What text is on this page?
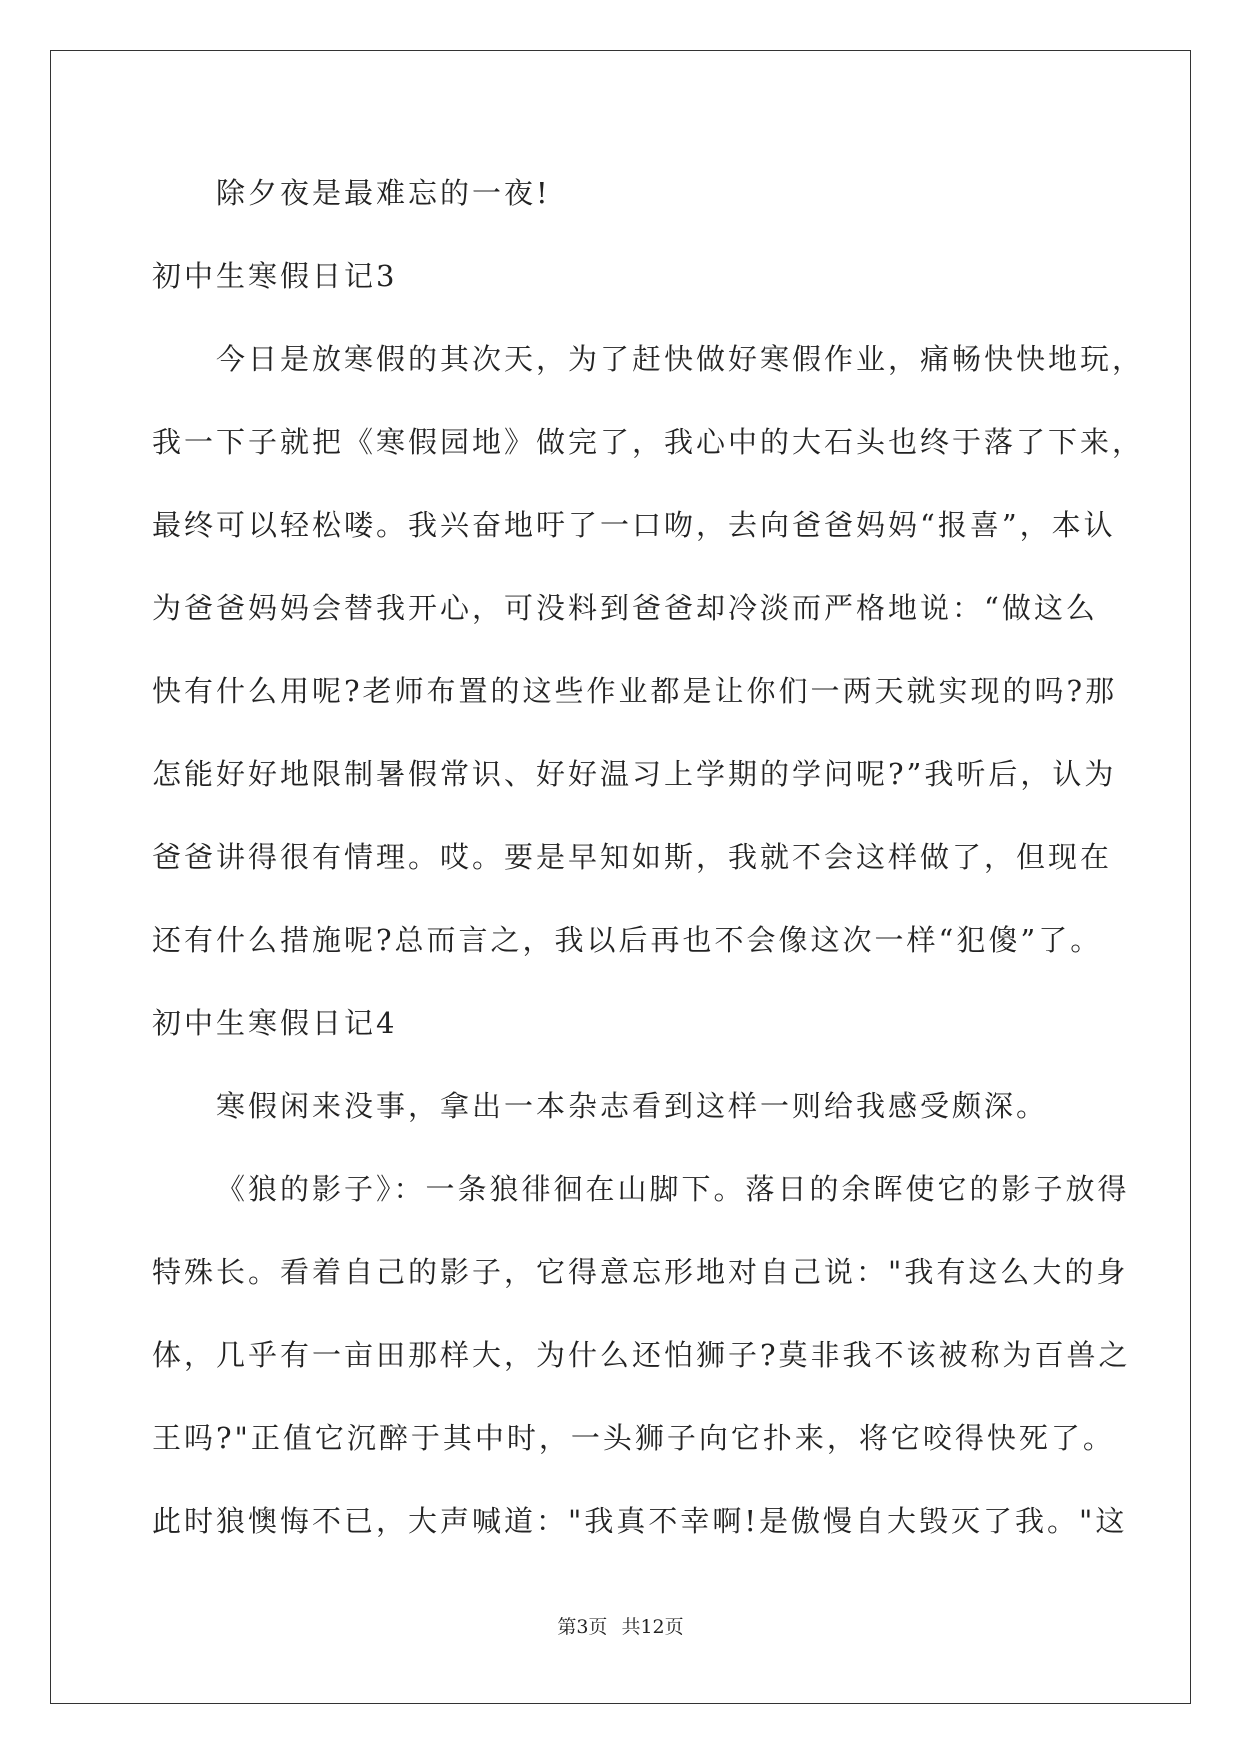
除夕夜是最难忘的一夜!
初中生寒假日记3
今日是放寒假的其次天，为了赶快做好寒假作业，痛畅快快地玩，
我一下子就把《寒假园地》做完了，我心中的大石头也终于落了下来，
最终可以轻松喽。我兴奋地吁了一口吻，去向爸爸妈妈“报喜”，本认
为爸爸妈妈会替我开心，可没料到爸爸却冷淡而严格地说：“做这么
快有什么用呢?老师布置的这些作业都是让你们一两天就实现的吗?那
怎能好好地限制暑假常识、好好温习上学期的学问呢?”我听后，认为
爸爸讲得很有情理。哎。要是早知如斯，我就不会这样做了，但现在
还有什么措施呢?总而言之，我以后再也不会像这次一样“犯傻”了。
初中生寒假日记4
寒假闲来没事，拿出一本杂志看到这样一则给我感受颇深。
《狼的影子》：一条狼徘徊在山脚下。落日的余晖使它的影子放得
特殊长。看着自己的影子，它得意忘形地对自己说："我有这么大的身
体，几乎有一亩田那样大，为什么还怕狮子?莫非我不该被称为百兽之
王吗?"正值它沉醉于其中时，一头狮子向它扑来，将它咬得快死了。
此时狼懊悔不已，大声喊道："我真不幸啊!是傲慢自大毁灭了我。"这
第3页 共12页
